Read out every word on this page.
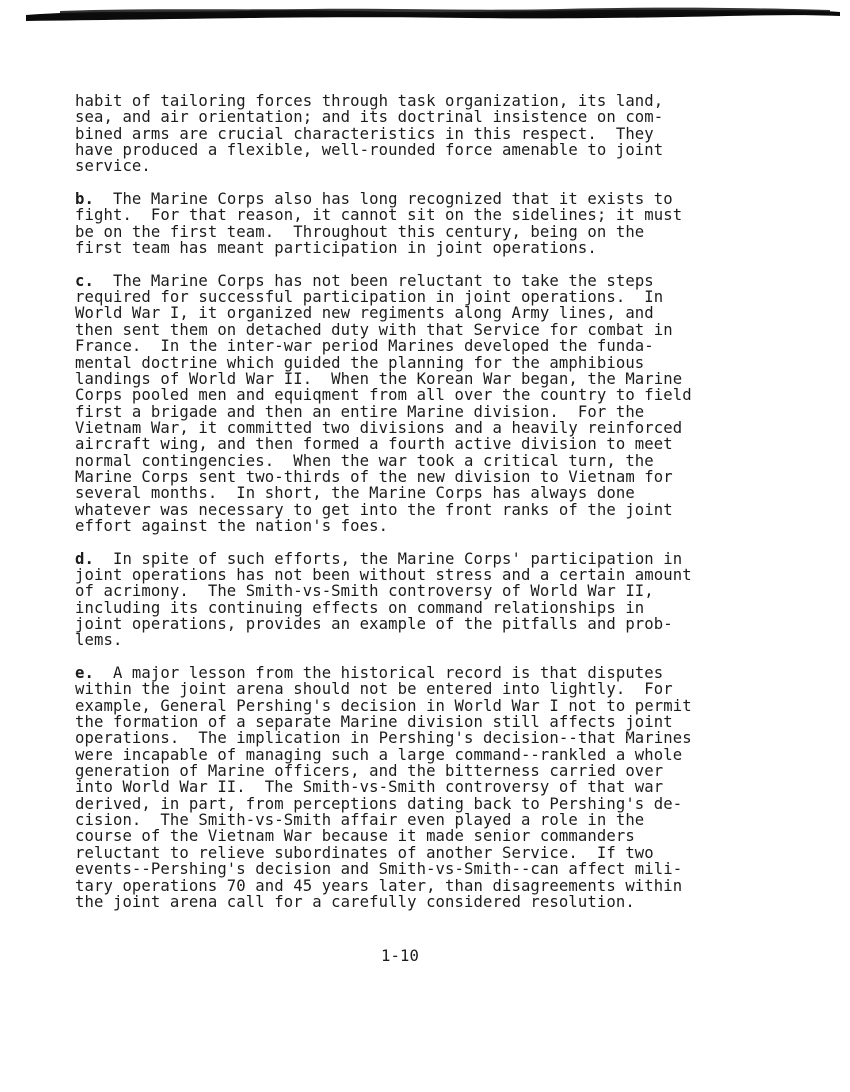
habit of tailoring forces through task organization, its land,
sea, and air orientation; and its doctrinal insistence on com-
bined arms are crucial characteristics in this respect.  They
have produced a flexible, well-rounded force amenable to joint
service.
b.  The Marine Corps also has long recognized that it exists to
fight.  For that reason, it cannot sit on the sidelines; it must
be on the first team.  Throughout this century, being on the
first team has meant participation in joint operations.
c.  The Marine Corps has not been reluctant to take the steps
required for successful participation in joint operations.  In
World War I, it organized new regiments along Army lines, and
then sent them on detached duty with that Service for combat in
France.  In the inter-war period Marines developed the funda-
mental doctrine which guided the planning for the amphibious
landings of World War II.  When the Korean War began, the Marine
Corps pooled men and equiqment from all over the country to field
first a brigade and then an entire Marine division.  For the
Vietnam War, it committed two divisions and a heavily reinforced
aircraft wing, and then formed a fourth active division to meet
normal contingencies.  When the war took a critical turn, the
Marine Corps sent two-thirds of the new division to Vietnam for
several months.  In short, the Marine Corps has always done
whatever was necessary to get into the front ranks of the joint
effort against the nation's foes.
d.  In spite of such efforts, the Marine Corps' participation in
joint operations has not been without stress and a certain amount
of acrimony.  The Smith-vs-Smith controversy of World War II,
including its continuing effects on command relationships in
joint operations, provides an example of the pitfalls and prob-
lems.
e.  A major lesson from the historical record is that disputes
within the joint arena should not be entered into lightly.  For
example, General Pershing's decision in World War I not to permit
the formation of a separate Marine division still affects joint
operations.  The implication in Pershing's decision--that Marines
were incapable of managing such a large command--rankled a whole
generation of Marine officers, and the bitterness carried over
into World War II.  The Smith-vs-Smith controversy of that war
derived, in part, from perceptions dating back to Pershing's de-
cision.  The Smith-vs-Smith affair even played a role in the
course of the Vietnam War because it made senior commanders
reluctant to relieve subordinates of another Service.  If two
events--Pershing's decision and Smith-vs-Smith--can affect mili-
tary operations 70 and 45 years later, than disagreements within
the joint arena call for a carefully considered resolution.
1-10
